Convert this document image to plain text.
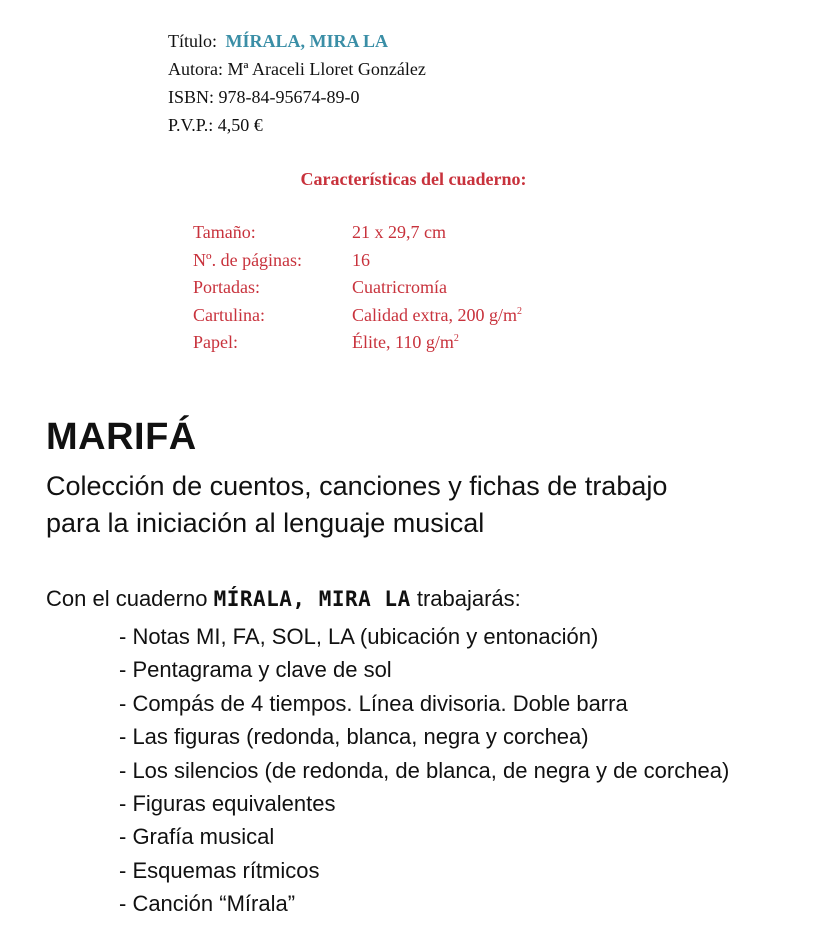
Título: MÍRALA, MIRA LA
Autora: Mª Araceli Lloret González
ISBN: 978-84-95674-89-0
P.V.P.: 4,50 €
Características del cuaderno:
Tamaño:	21 x 29,7 cm
Nº. de páginas:	16
Portadas:	Cuatricromía
Cartulina:	Calidad extra, 200 $g/m^2$
Papel:	Élite, 110 $g/m^2$
MARIFÁ
Colección de cuentos, canciones y fichas de trabajo
para la iniciación al lenguaje musical
Con el cuaderno MÍRALA, MIRA LA trabajarás:
- Notas MI, FA, SOL, LA (ubicación y entonación)
- Pentagrama y clave de sol
- Compás de 4 tiempos. Línea divisoria. Doble barra
- Las figuras (redonda, blanca, negra y corchea)
- Los silencios (de redonda, de blanca, de negra y de corchea)
- Figuras equivalentes
- Grafía musical
- Esquemas rítmicos
- Canción “Mírala”
